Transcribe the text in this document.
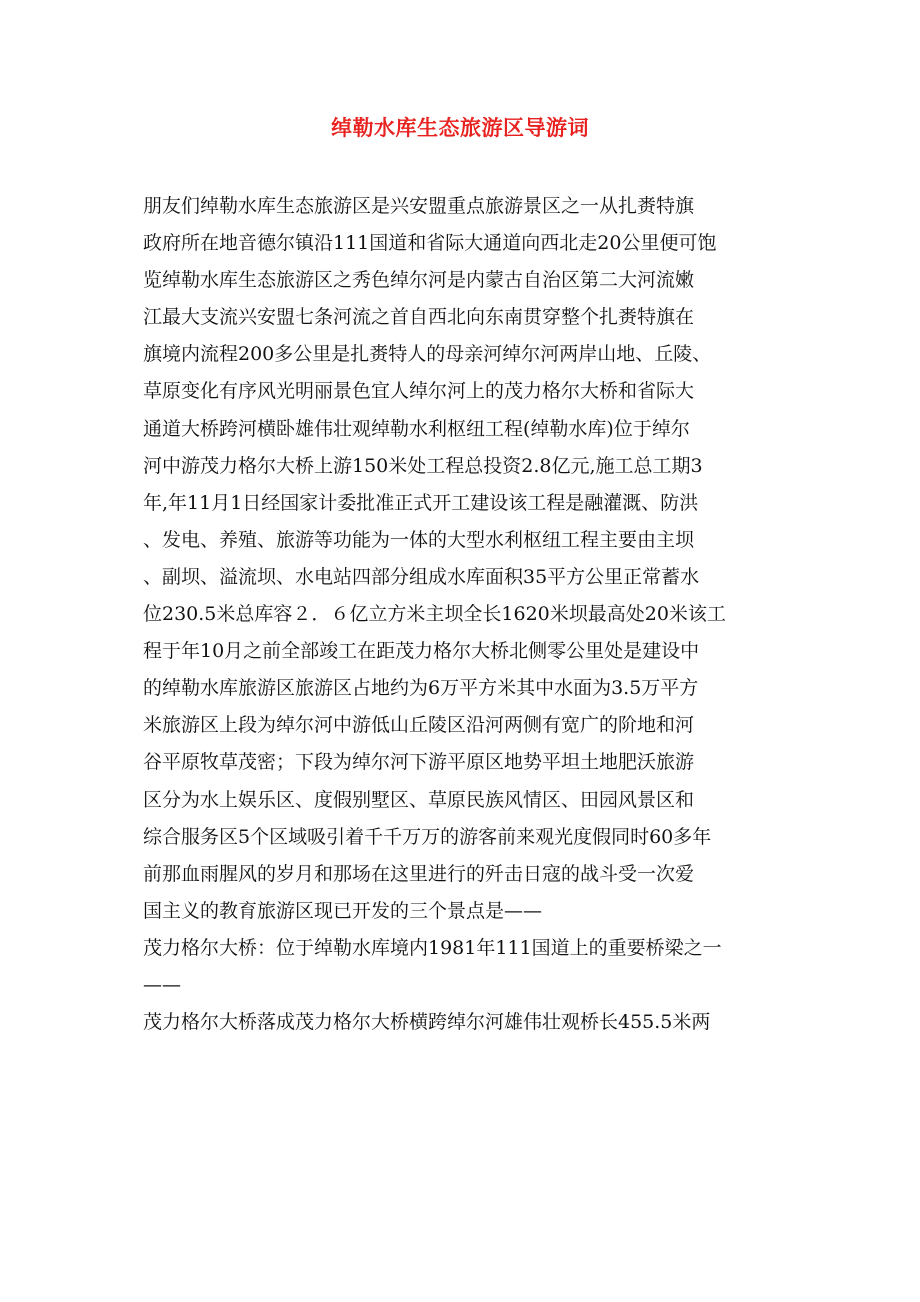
绰勒水库生态旅游区导游词
朋友们绰勒水库生态旅游区是兴安盟重点旅游景区之一从扎赉特旗
政府所在地音德尔镇沿111国道和省际大通道向西北走20公里便可饱
览绰勒水库生态旅游区之秀色绰尔河是内蒙古自治区第二大河流嫩
江最大支流兴安盟七条河流之首自西北向东南贯穿整个扎赉特旗在
旗境内流程200多公里是扎赉特人的母亲河绰尔河两岸山地、丘陵、
草原变化有序风光明丽景色宜人绰尔河上的茂力格尔大桥和省际大
通道大桥跨河横卧雄伟壮观绰勒水利枢纽工程(绰勒水库)位于绰尔
河中游茂力格尔大桥上游150米处工程总投资2.8亿元,施工总工期3
年,年11月1日经国家计委批准正式开工建设该工程是融灌溉、防洪
、发电、养殖、旅游等功能为一体的大型水利枢纽工程主要由主坝
、副坝、溢流坝、水电站四部分组成水库面积35平方公里正常蓄水
位230.5米总库容２．６亿立方米主坝全长1620米坝最高处20米该工
程于年10月之前全部竣工在距茂力格尔大桥北侧零公里处是建设中
的绰勒水库旅游区旅游区占地约为6万平方米其中水面为3.5万平方
米旅游区上段为绰尔河中游低山丘陵区沿河两侧有宽广的阶地和河
谷平原牧草茂密；下段为绰尔河下游平原区地势平坦土地肥沃旅游
区分为水上娱乐区、度假别墅区、草原民族风情区、田园风景区和
综合服务区5个区域吸引着千千万万的游客前来观光度假同时60多年
前那血雨腥风的岁月和那场在这里进行的歼击日寇的战斗受一次爱
国主义的教育旅游区现已开发的三个景点是——
茂力格尔大桥：位于绰勒水库境内1981年111国道上的重要桥梁之一
——
茂力格尔大桥落成茂力格尔大桥横跨绰尔河雄伟壮观桥长455.5米两
